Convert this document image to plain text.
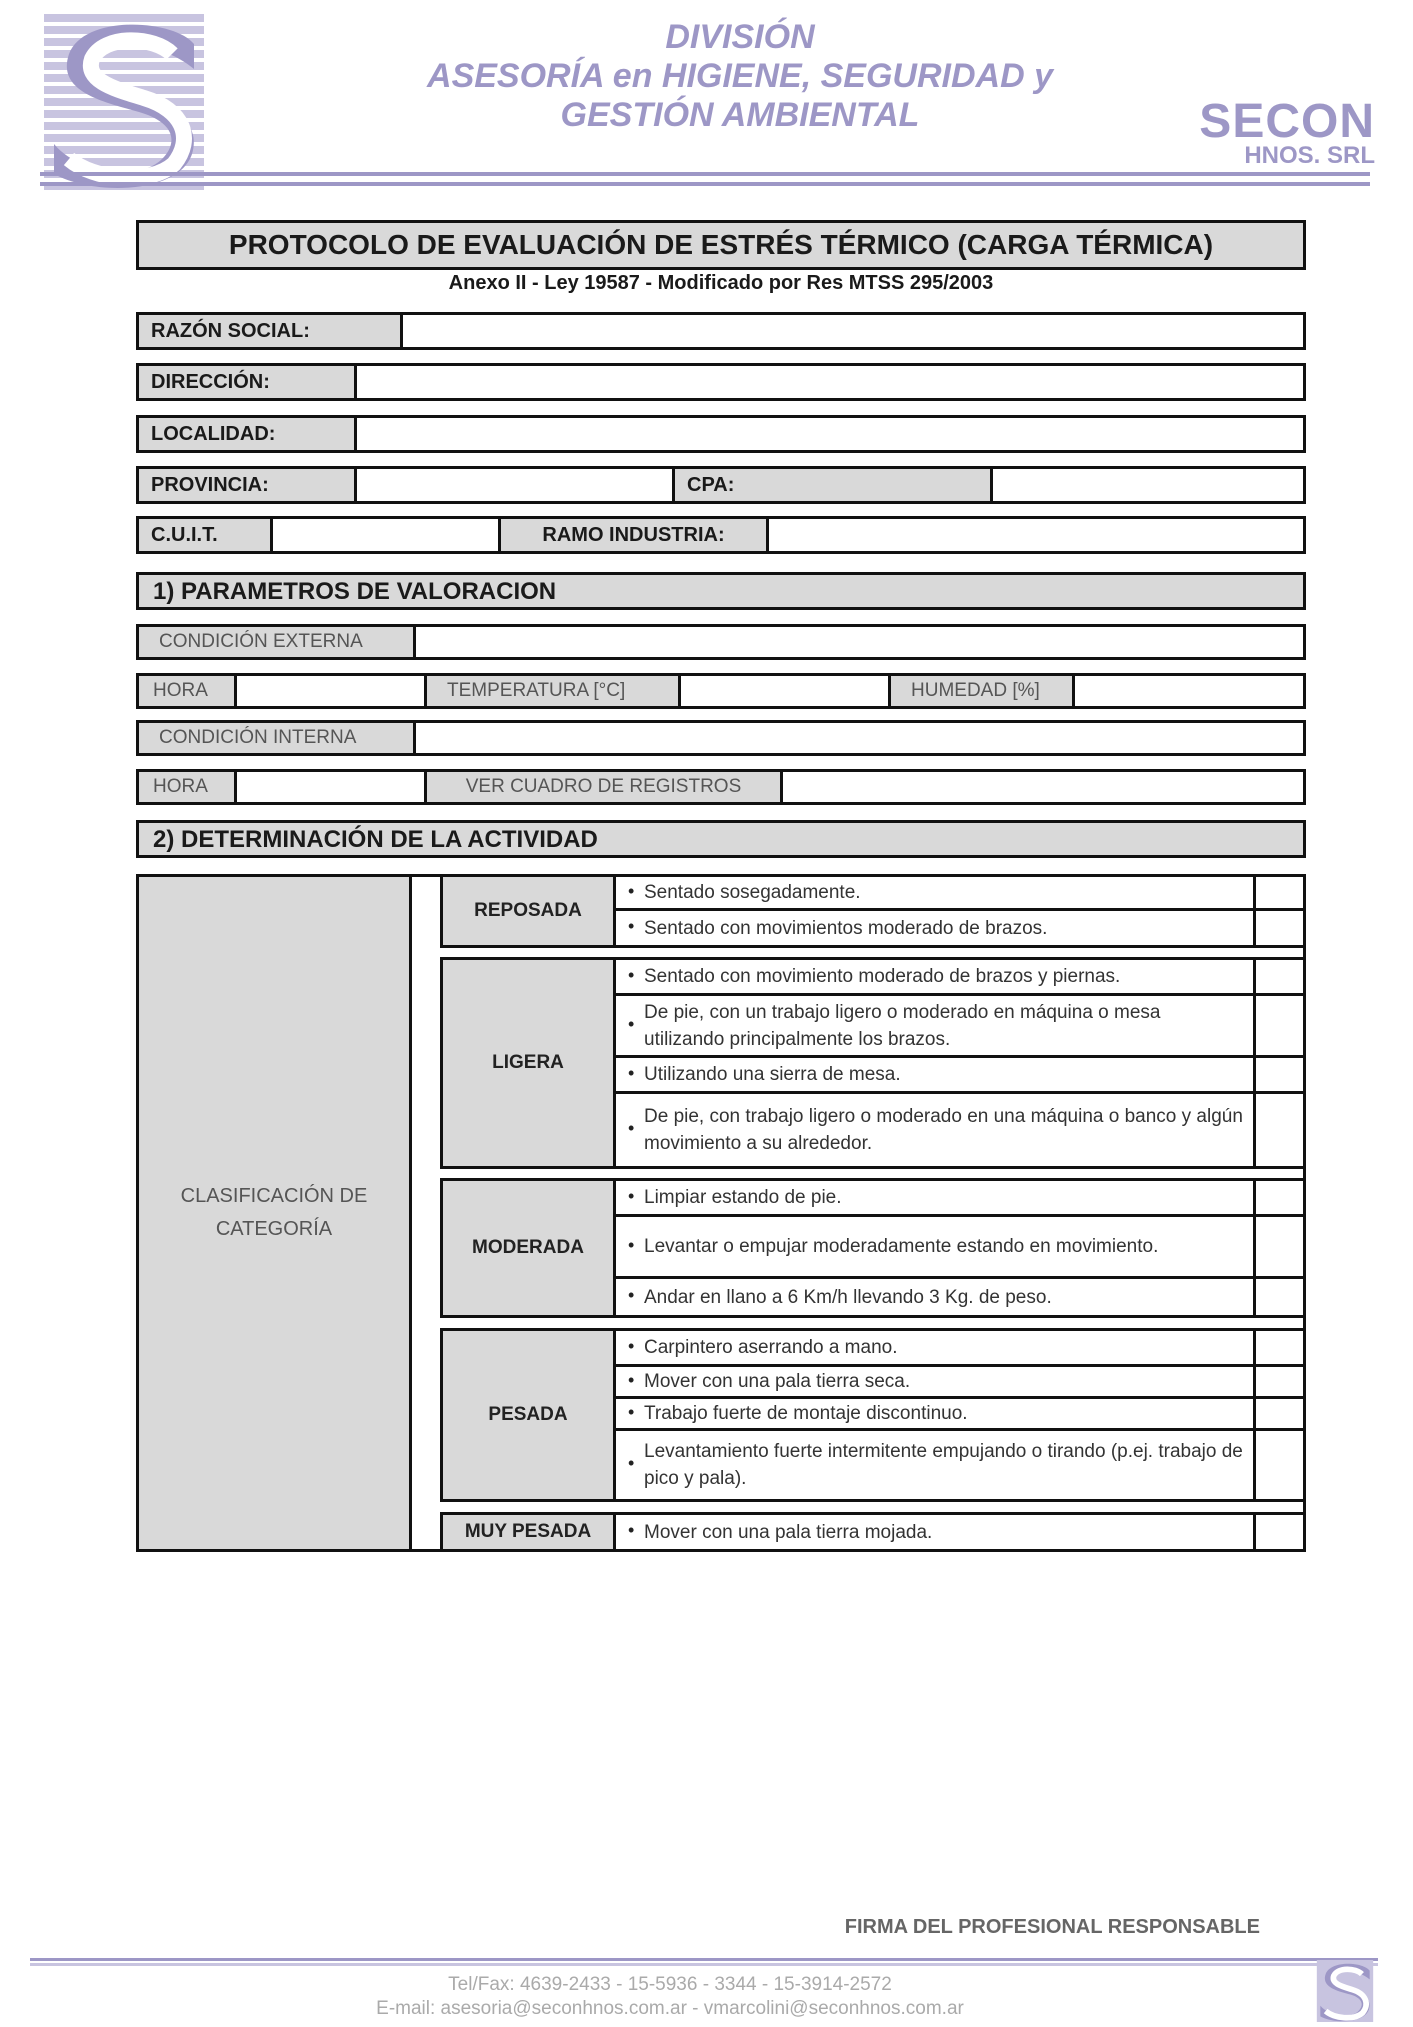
DIVISIÓN
ASESORÍA en HIGIENE, SEGURIDAD y
GESTIÓN AMBIENTAL	SECON
HNOS. SRL
PROTOCOLO DE EVALUACIÓN DE ESTRÉS TÉRMICO (CARGA TÉRMICA)
Anexo II - Ley 19587 - Modificado por Res MTSS 295/2003
RAZÓN SOCIAL:
DIRECCIÓN:
LOCALIDAD:
PROVINCIA:	CPA:
C.U.I.T.	RAMO INDUSTRIA:
1) PARAMETROS DE VALORACION
CONDICIÓN EXTERNA
HORA	TEMPERATURA [°C]	HUMEDAD [%]
CONDICIÓN INTERNA
HORA	VER CUADRO DE REGISTROS
2) DETERMINACIÓN DE LA ACTIVIDAD
CLASIFICACIÓN DE
CATEGORÍA
REPOSADA
• Sentado sosegadamente.
• Sentado con movimientos moderado de brazos.
LIGERA
• Sentado con movimiento moderado de brazos y piernas.
• De pie, con un trabajo ligero o moderado en máquina o mesa utilizando principalmente los brazos.
• Utilizando una sierra de mesa.
• De pie, con trabajo ligero o moderado en una máquina o banco y algún movimiento a su alrededor.
MODERADA
• Limpiar estando de pie.
• Levantar o empujar moderadamente estando en movimiento.
• Andar en llano a 6 Km/h llevando 3 Kg. de peso.
PESADA
• Carpintero aserrando a mano.
• Mover con una pala tierra seca.
• Trabajo fuerte de montaje discontinuo.
• Levantamiento fuerte intermitente empujando o tirando (p.ej. trabajo de pico y pala).
MUY PESADA
•	Mover con una pala tierra mojada.
FIRMA DEL PROFESIONAL RESPONSABLE
Tel/Fax: 4639-2433 - 15-5936 - 3344 - 15-3914-2572
E-mail: asesoria@seconhnos.com.ar - vmarcolini@seconhnos.com.ar
